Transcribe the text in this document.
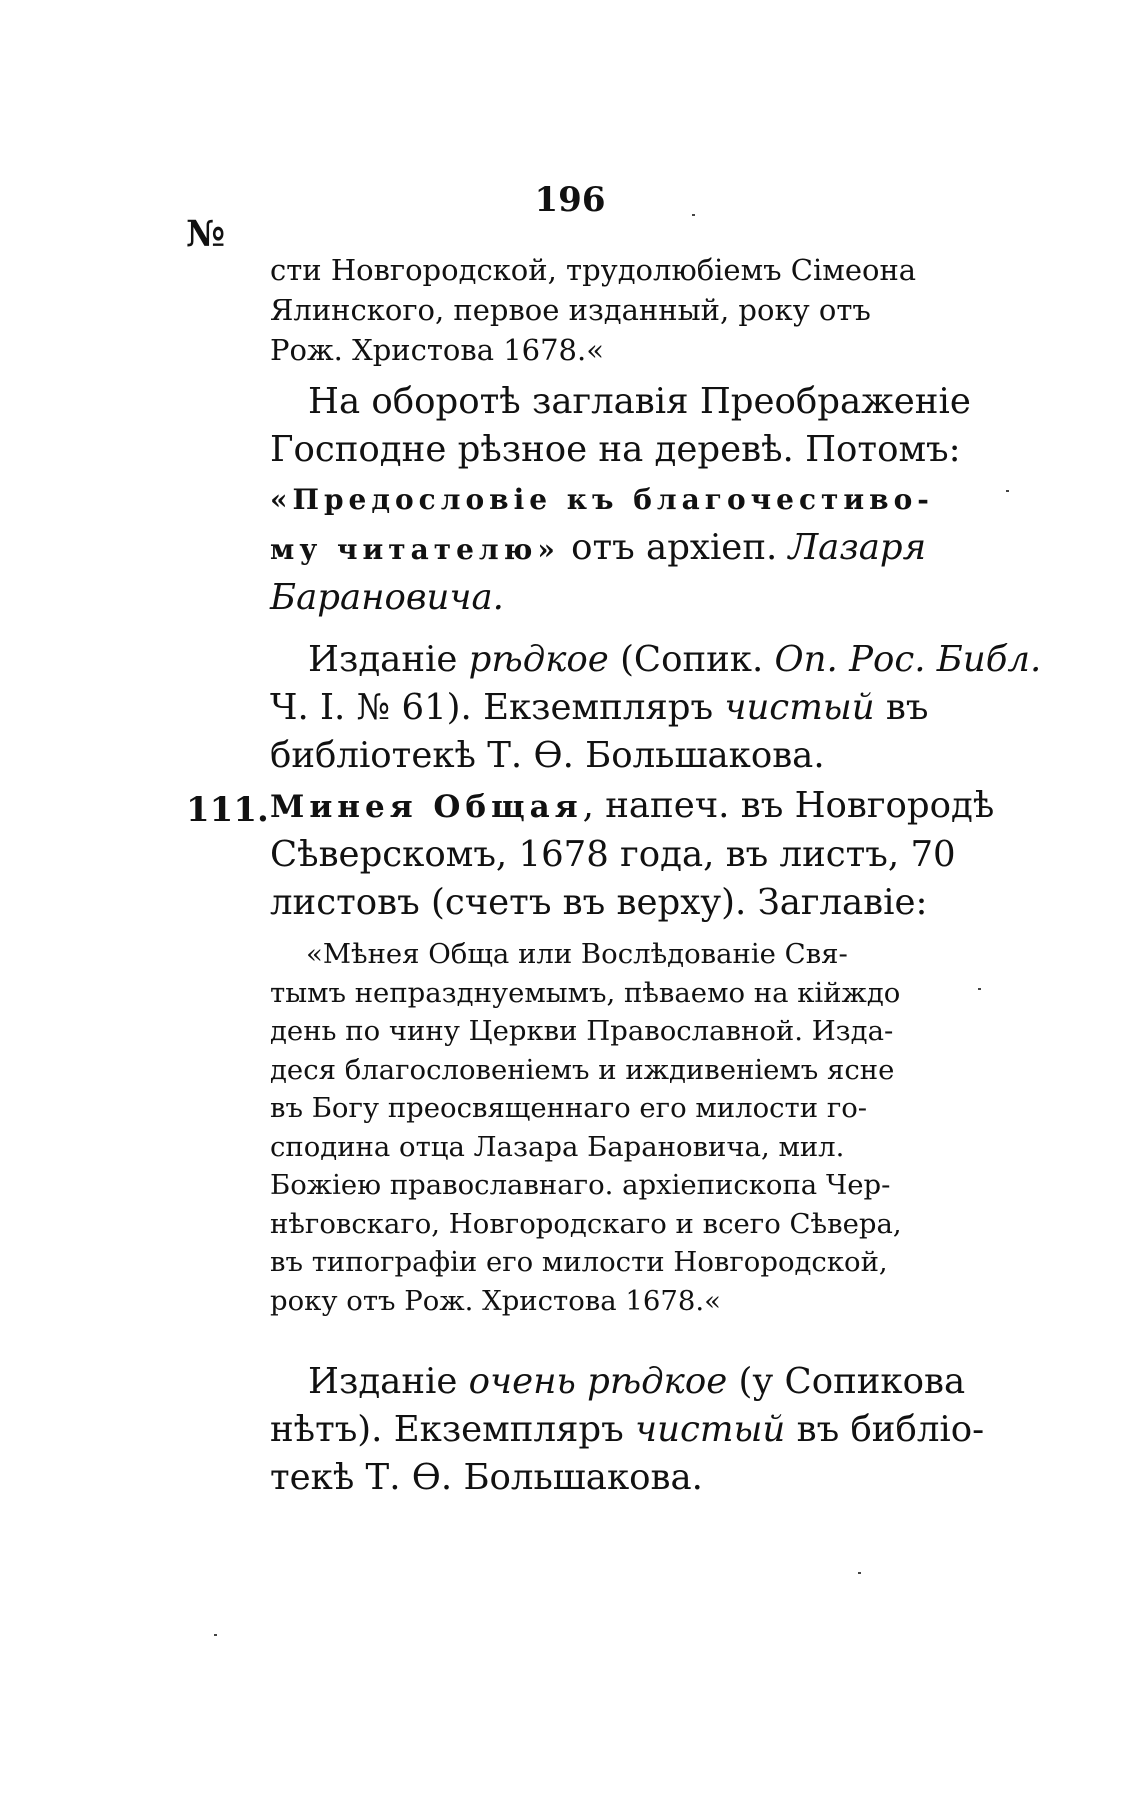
196
№
сти Новгородской, трудолюбіемъ Сімеона
Ялинского, первое изданный, року отъ
Рож. Христова 1678.«
На оборотѣ заглавія Преображеніе
Господне рѣзное на деревѣ. Потомъ:
«Предословіе къ благочестиво-
му читателю» отъ архіеп. Лазаря
Барановича.
Изданіе рѣдкое (Сопик. Оп. Рос. Библ.
Ч. I. № 61). Екземпляръ чистый въ
библіотекѣ Т. Ѳ. Большакова.
111. Минея Общая, напеч. въ Новгородѣ
Сѣверскомъ, 1678 года, въ листъ, 70
листовъ (счетъ въ верху). Заглавіе:
«Мѣнея Обща или Вослѣдованіе Свя-
тымъ непразднуемымъ, пѣваемо на кійждо
день по чину Церкви Православной. Изда-
деся благословеніемъ и иждивеніемъ ясне
въ Богу преосвященнаго его милости го-
сподина отца Лазара Барановича, мил.
Божіею православнаго. архіепископа Чер-
нѣговскаго, Новгородскаго и всего Сѣвера,
въ типографіи его милости Новгородской,
року отъ Рож. Христова 1678.«
Изданіе очень рѣдкое (у Сопикова
нѣтъ). Екземпляръ чистый въ библіо-
текѣ Т. Ѳ. Большакова.
